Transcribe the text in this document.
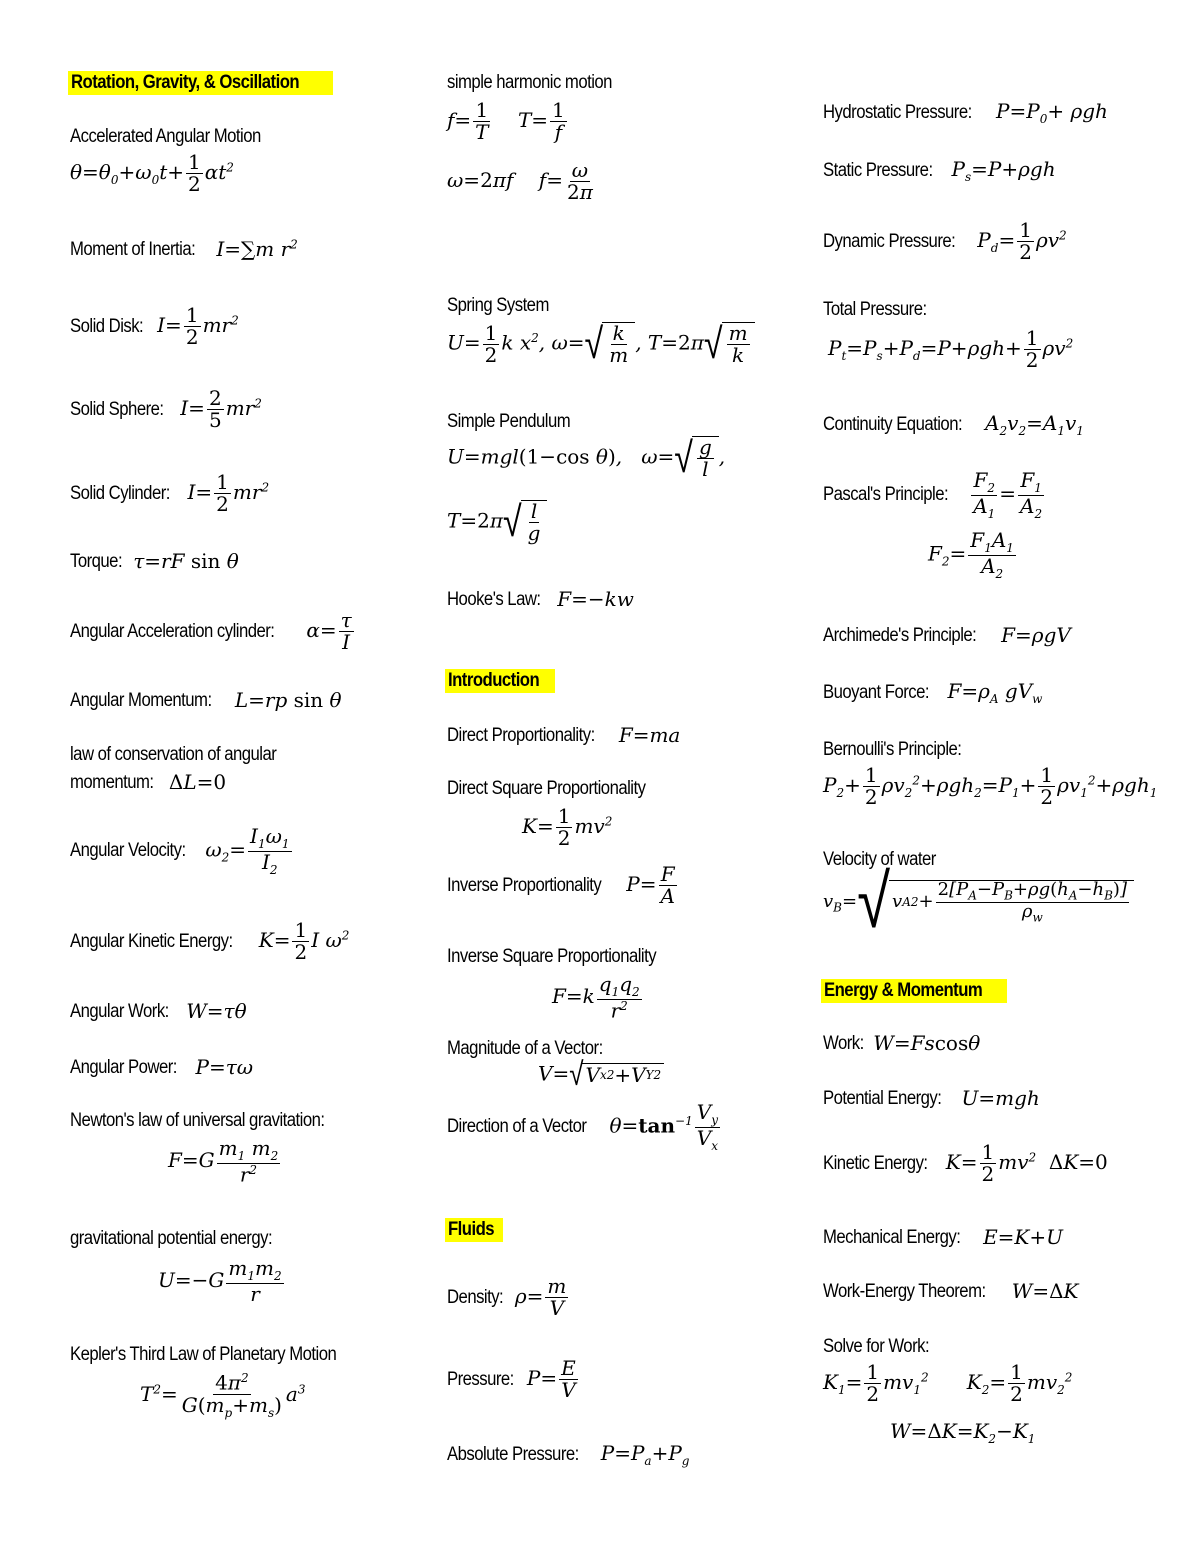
Rotation, Gravity, & Oscillation
Accelerated Angular Motion
$\theta=\theta_0+\omega_0t+ \frac{1}{2} \alpha t^2$
Moment of Inertia: I=∑m $r^2$
Solid Disk: $I= \frac{1}{2} mr^2$
Solid Sphere: $I= \frac{2}{5} mr^2$
Solid Cylinder: $I= \frac{1}{2} mr^2$
Torque: τ=rF sin θ
Angular Acceleration cylinder: $\alpha= \frac{\tau}{I}$
Angular Momentum: L=rp sin θ
law of conservation of angular
momentum: ΔL=0
Angular Velocity: $\omega_2= \frac{I_1\omega_1}{I_2}$
Angular Kinetic Energy: $K= \frac{1}{2}$ I $\omega^2$
Angular Work: W=τθ
Angular Power: P=τω
Newton's law of universal gravitation:
$F=G \frac{m_1 m_2}{r^2}$
gravitational potential energy:
$U=-G \frac{m_1m_2}{r}$
Kepler's Third Law of Planetary Motion
$T^2= \frac{4\pi^2}{G(m_p+m_s)} a^3$
simple harmonic motion
$f= \frac{1}{T} T= \frac{1}{f}$
ω=2πf    $f= \frac{\omega}{2\pi}$
Spring System
$U= \frac{1}{2}$ k $x^2$, ω= √ k
m
, T=2π √ m
k
Simple Pendulum
U=mgl(1−cos θ),   ω= √ g
l
,
T=2π √ l
g
Hooke's Law: F=−kw
Introduction
Direct Proportionality: F=ma
Direct Square Proportionality
$K= \frac{1}{2} mv^2$
Inverse Proportionality $P= \frac{F}{A}$
Inverse Square Proportionality
$F=k \frac{q_1q_2}{r^2}$
Magnitude of a Vector:
V= √ V x 2 +V Y 2
Direction of a Vector $\theta=\tan^{-1} \frac{V_y}{V_x}$
Fluids
Density: $\rho= \frac{m}{V}$
Pressure: $P= \frac{E}{V}$
Absolute Pressure: $P=P_a+P_g$
Hydrostatic Pressure: $P=P_0+ \rho gh$
Static Pressure: $P_s=P+\rho gh$
Dynamic Pressure: $P_d= \frac{1}{2} \rho v^2$
Total Pressure:
$P_t=P_s+P_d=P+\rho gh+ \frac{1}{2} \rho v^2$
Continuity Equation: $A_2v_2=A_1v_1$
Pascal's Principle: $\frac{F_2}{A_1} = \frac{F_1}{A_2}$
$F_2= \frac{F_1A_1}{A_2}$
Archimede's Principle: F=ρgV
Buoyant Force: $F=\rho_A$ $gV_w$
Bernoulli's Principle:
$P_2+ \frac{1}{2} \rho v_2^2+\rho gh_2=P_1+ \frac{1}{2} \rho v_1^2+\rho gh_1$
Velocity of water
$v_B=$ √ v A 2 +
$2[P_A-P_B+\rho g(h_A-h_B)]$
$\rho_w$
Energy & Momentum
Work: W=Fscosθ
Potential Energy: U=mgh
Kinetic Energy: $K= \frac{1}{2} mv^2$ ΔK=0
Mechanical Energy: E=K+U
Work-Energy Theorem: W=ΔK
Solve for Work:
$K_1= \frac{1}{2} mv_1^2$      $K_2= \frac{1}{2} mv_2^2$
$W=\Delta K=K_2-K_1$
